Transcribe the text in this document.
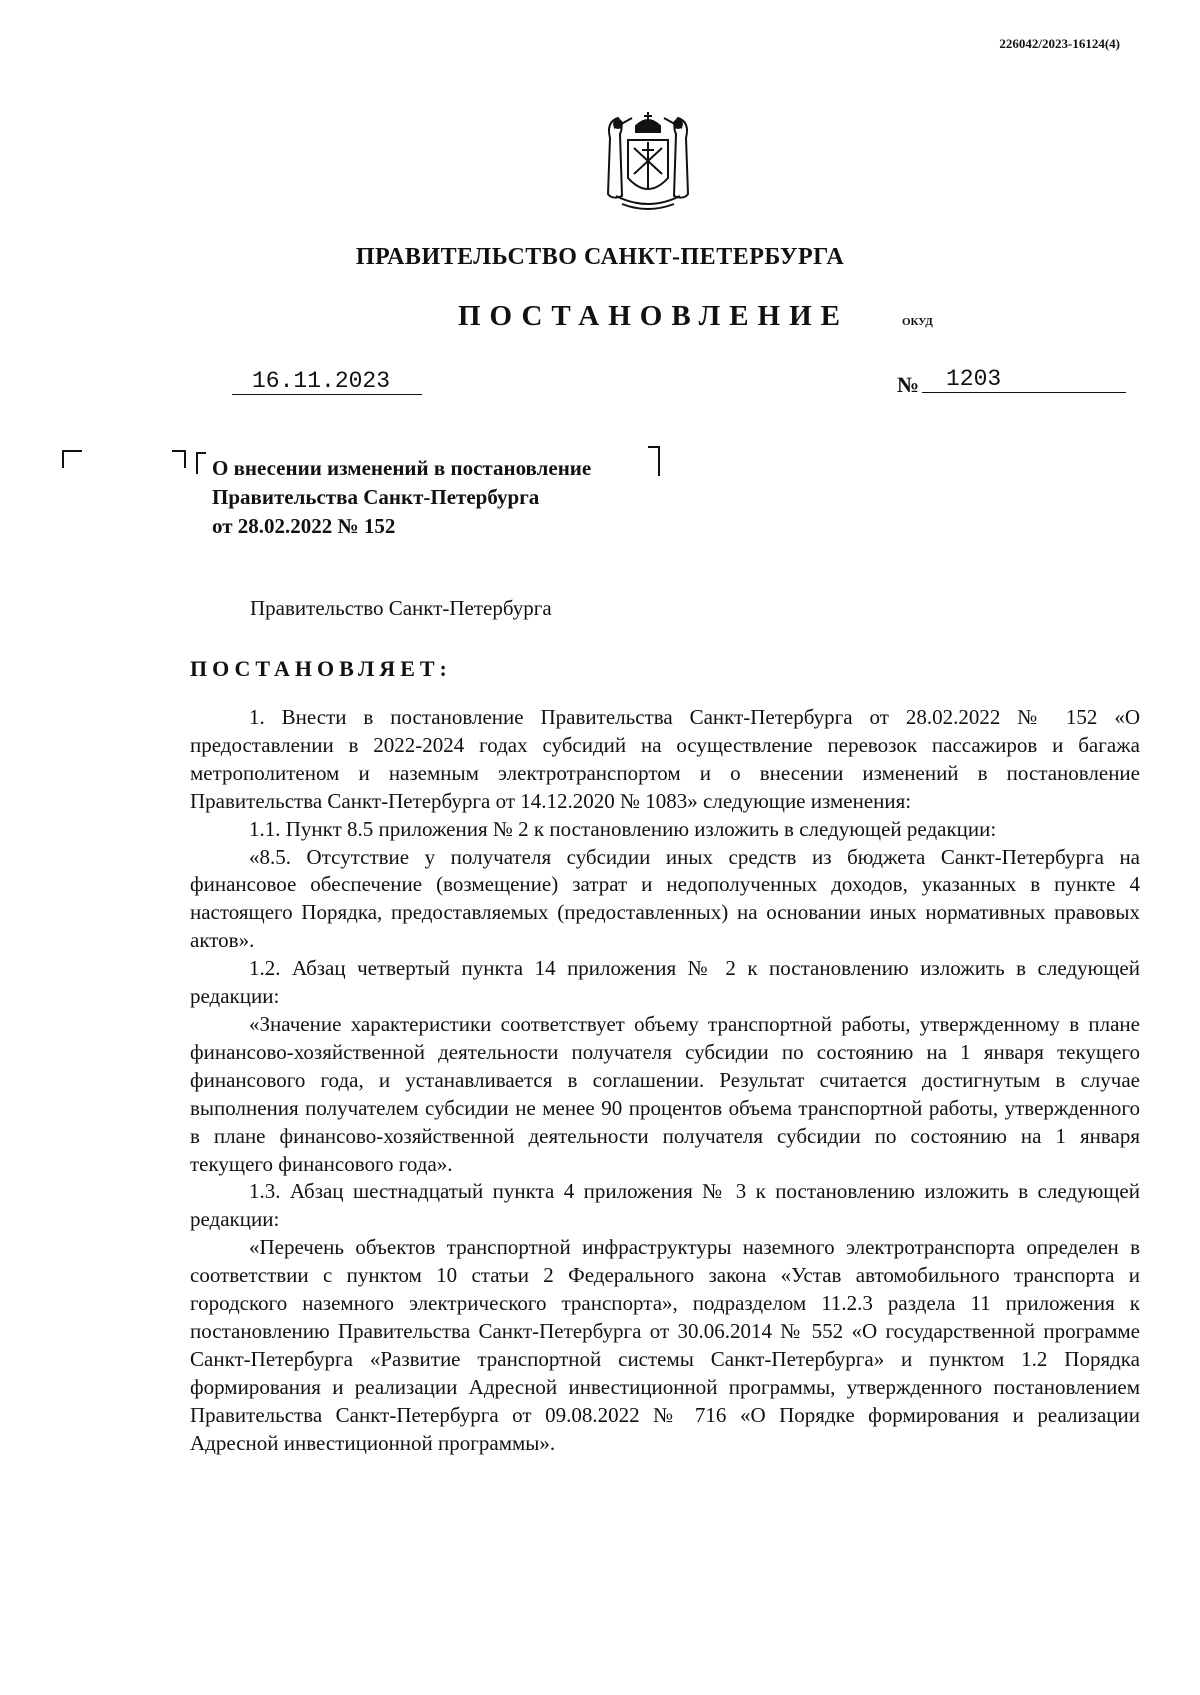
226042/2023-16124(4)
ПРАВИТЕЛЬСТВО САНКТ-ПЕТЕРБУРГА
ПОСТАНОВЛЕНИЕ	ОКУД
16.11.2023	№	1203
О внесении изменений в постановление
Правительства Санкт-Петербурга
от 28.02.2022 № 152
Правительство Санкт-Петербурга
ПОСТАНОВЛЯЕТ:

1. Внести в постановление Правительства Санкт-Петербурга от 28.02.2022 № 152 «О предоставлении в 2022-2024 годах субсидий на осуществление перевозок пассажиров и багажа метрополитеном и наземным электротранспортом и о внесении изменений в постановление Правительства Санкт-Петербурга от 14.12.2020 № 1083» следующие изменения:

1.1. Пункт 8.5 приложения № 2 к постановлению изложить в следующей редакции:

«8.5. Отсутствие у получателя субсидии иных средств из бюджета Санкт-Петербурга на финансовое обеспечение (возмещение) затрат и недополученных доходов, указанных в пункте 4 настоящего Порядка, предоставляемых (предоставленных) на основании иных нормативных правовых актов».

1.2. Абзац четвертый пункта 14 приложения № 2 к постановлению изложить в следующей редакции:

«Значение характеристики соответствует объему транспортной работы, утвержденному в плане финансово-хозяйственной деятельности получателя субсидии по состоянию на 1 января текущего финансового года, и устанавливается в соглашении. Результат считается достигнутым в случае выполнения получателем субсидии не менее 90 процентов объема транспортной работы, утвержденного в плане финансово-хозяйственной деятельности получателя субсидии по состоянию на 1 января текущего финансового года».

1.3. Абзац шестнадцатый пункта 4 приложения № 3 к постановлению изложить в следующей редакции:

«Перечень объектов транспортной инфраструктуры наземного электротранспорта определен в соответствии с пунктом 10 статьи 2 Федерального закона «Устав автомобильного транспорта и городского наземного электрического транспорта», подразделом 11.2.3 раздела 11 приложения к постановлению Правительства Санкт-Петербурга от 30.06.2014 № 552 «О государственной программе Санкт-Петербурга «Развитие транспортной системы Санкт-Петербурга» и пунктом 1.2 Порядка формирования и реализации Адресной инвестиционной программы, утвержденного постановлением Правительства Санкт-Петербурга от 09.08.2022 № 716 «О Порядке формирования и реализации Адресной инвестиционной программы».
